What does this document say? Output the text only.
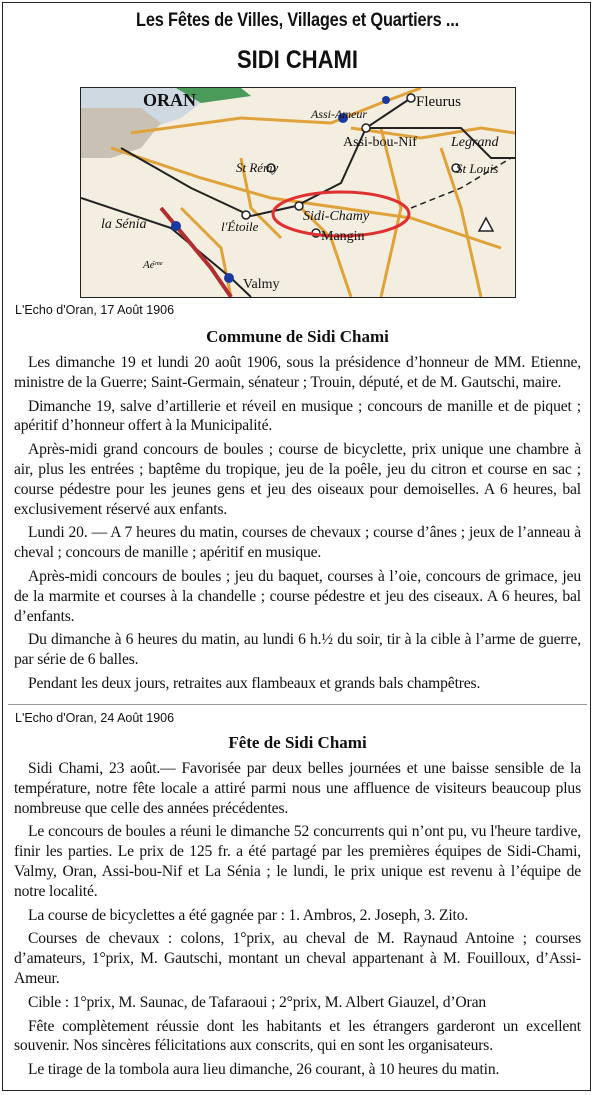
Les Fêtes de Villes, Villages et Quartiers ...
SIDI CHAMI
ORAN
Assi-Ameur
Fleurus
Assi-bou-Nif Legrand
St Louis
St Rémy
la Sénia	l'Étoile
Sidi-Chamy
Mangin
Valmy
Aéᵐᵉ
L'Echo d'Oran, 17 Août 1906
Commune de Sidi Chami

Les dimanche 19 et lundi 20 août 1906, sous la présidence d’honneur de MM. Etienne, ministre de la Guerre; Saint-Germain, sénateur ; Trouin, député, et de M. Gautschi, maire.

Dimanche 19, salve d’artillerie et réveil en musique ; concours de manille et de piquet ; apéritif d’honneur offert à la Municipalité.

Après-midi grand concours de boules ; course de bicyclette, prix unique une chambre à air, plus les entrées ; baptême du tropique, jeu de la poêle, jeu du citron et course en sac ; course pédestre pour les jeunes gens et jeu des oiseaux pour demoiselles. A 6 heures, bal exclusivement réservé aux enfants.

Lundi 20. — A 7 heures du matin, courses de chevaux ; course d’ânes ; jeux de l’anneau à cheval ; concours de manille ; apéritif en musique.

Après-midi concours de boules ; jeu du baquet, courses à l’oie, concours de grimace, jeu de la marmite et courses à la chandelle ; course pédestre et jeu des ciseaux. A 6 heures, bal d’enfants.

Du dimanche à 6 heures du matin, au lundi 6 h.½ du soir, tir à la cible à l’arme de guerre, par série de 6 balles.

Pendant les deux jours, retraites aux flambeaux et grands bals champêtres.

L'Echo d'Oran, 24 Août 1906
Fête de Sidi Chami

Sidi Chami, 23 août.— Favorisée par deux belles journées et une baisse sensible de la température, notre fête locale a attiré parmi nous une affluence de visiteurs beaucoup plus nombreuse que celle des années précédentes.

Le concours de boules a réuni le dimanche 52 concurrents qui n’ont pu, vu l'heure tardive, finir les parties. Le prix de 125 fr. a été partagé par les premières équipes de Sidi-Chami, Valmy, Oran, Assi-bou-Nif et La Sénia ; le lundi, le prix unique est revenu à l’équipe de notre localité.

La course de bicyclettes a été gagnée par : 1. Ambros, 2. Joseph, 3. Zito.

Courses de chevaux : colons, 1°prix, au cheval de M. Raynaud Antoine ; courses d’amateurs, 1°prix, M. Gautschi, montant un cheval appartenant à M. Fouilloux, d’Assi-Ameur.

Cible : 1°prix, M. Saunac, de Tafaraoui ; 2°prix, M. Albert Giauzel, d’Oran

Fête complètement réussie dont les habitants et les étrangers garderont un excellent souvenir. Nos sincères félicitations aux conscrits, qui en sont les organisateurs.

Le tirage de la tombola aura lieu dimanche, 26 courant, à 10 heures du matin.
